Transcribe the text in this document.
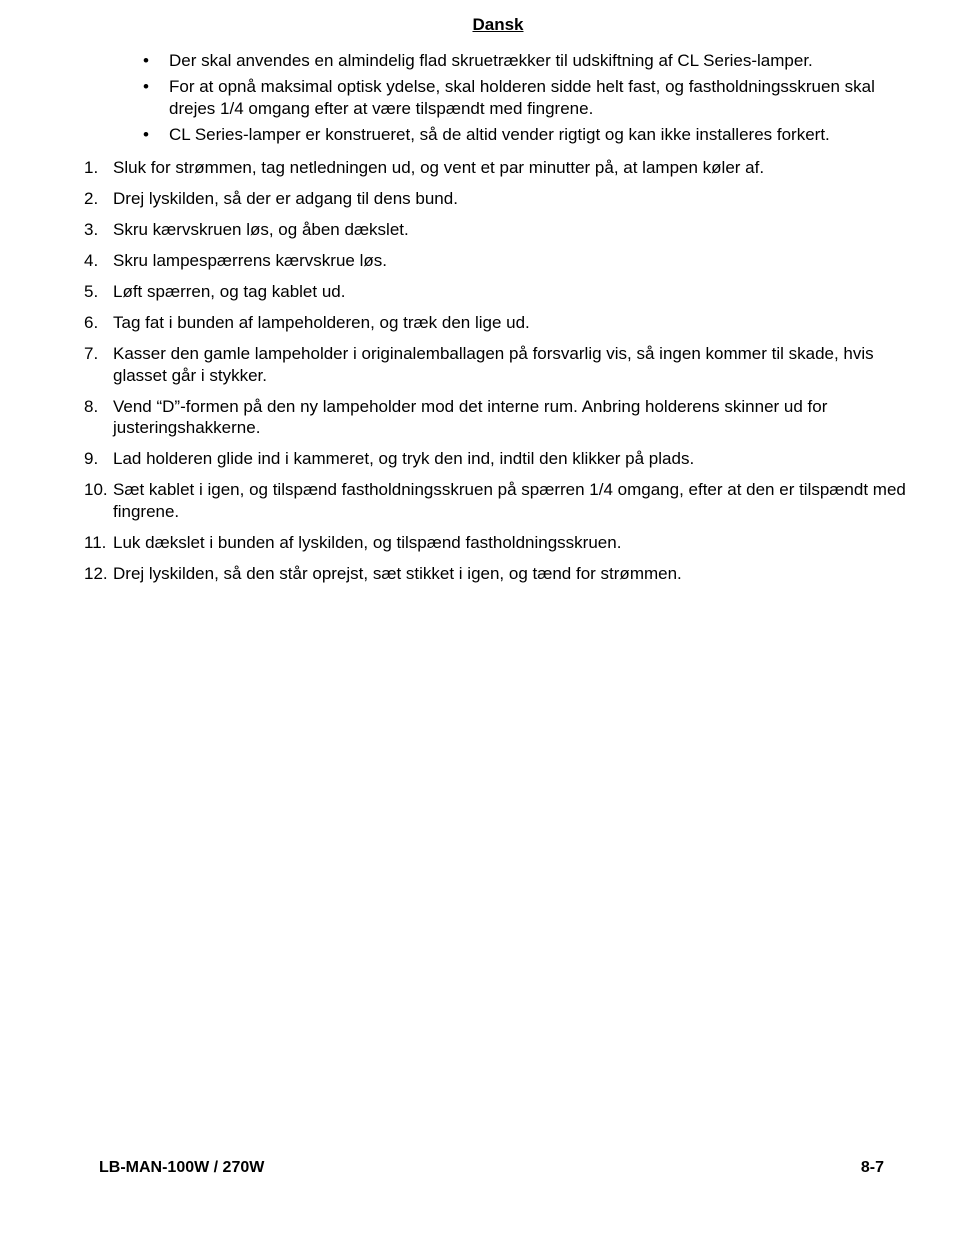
Dansk
• Der skal anvendes en almindelig flad skruetrækker til udskiftning af CL Series-lamper.
• For at opnå maksimal optisk ydelse, skal holderen sidde helt fast, og fastholdningsskruen skal drejes 1/4 omgang efter at være tilspændt med fingrene.
• CL Series-lamper er konstrueret, så de altid vender rigtigt og kan ikke installeres forkert.
1. Sluk for strømmen, tag netledningen ud, og vent et par minutter på, at lampen køler af.
2. Drej lyskilden, så der er adgang til dens bund.
3. Skru kærvskruen løs, og åben dækslet.
4. Skru lampespærrens kærvskrue løs.
5. Løft spærren, og tag kablet ud.
6. Tag fat i bunden af lampeholderen, og træk den lige ud.
7. Kasser den gamle lampeholder i originalemballagen på forsvarlig vis, så ingen kommer til skade, hvis glasset går i stykker.
8. Vend “D”-formen på den ny lampeholder mod det interne rum. Anbring holderens skinner ud for justeringshakkerne.
9. Lad holderen glide ind i kammeret, og tryk den ind, indtil den klikker på plads.
10. Sæt kablet i igen, og tilspænd fastholdningsskruen på spærren 1/4 omgang, efter at den er tilspændt med fingrene.
11. Luk dækslet i bunden af lyskilden, og tilspænd fastholdningsskruen.
12. Drej lyskilden, så den står oprejst, sæt stikket i igen, og tænd for strømmen.
LB-MAN-100W / 270W	8-7
